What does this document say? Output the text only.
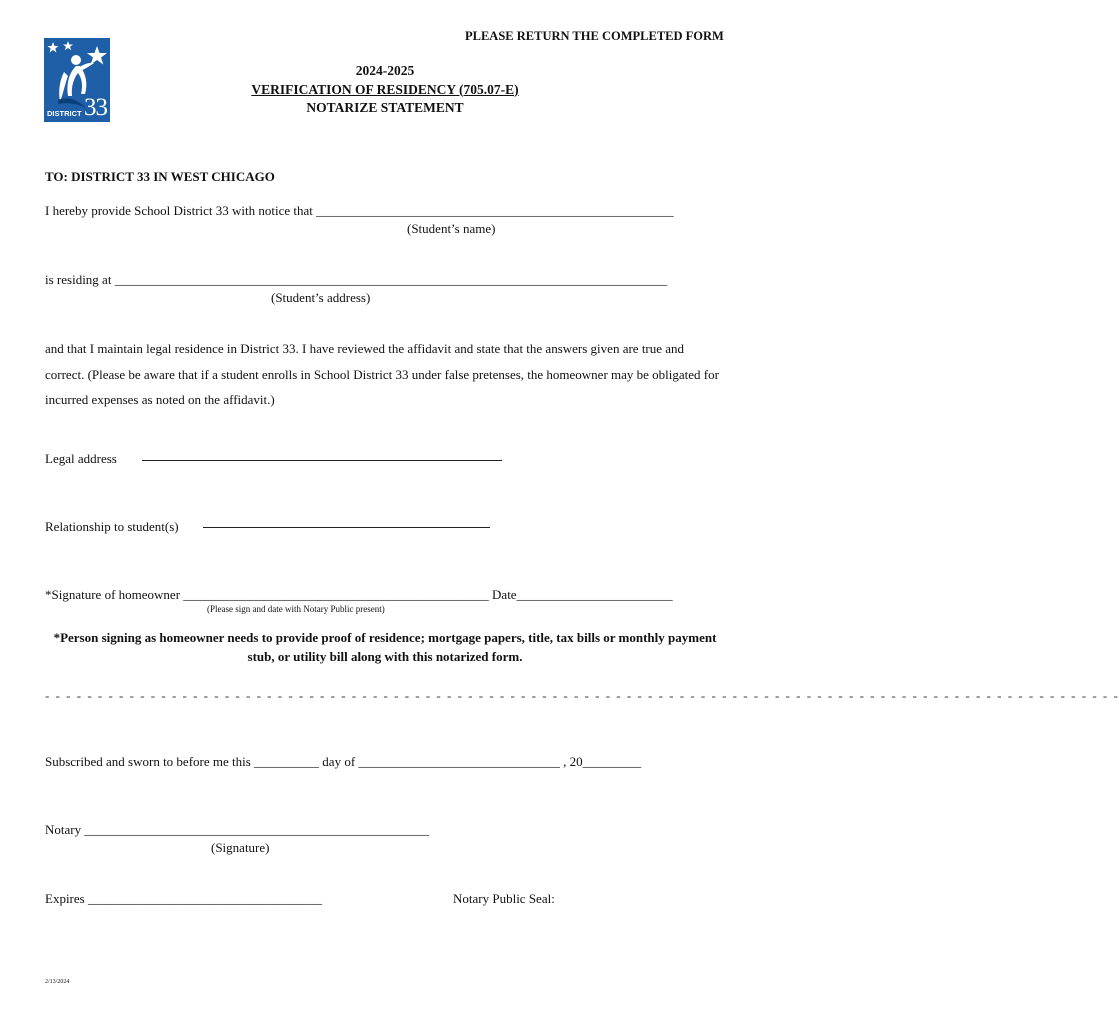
PLEASE RETURN THE COMPLETED FORM
DISTRICT 33
2024-2025
VERIFICATION OF RESIDENCY (705.07-E)
NOTARIZE STATEMENT
TO: DISTRICT 33 IN WEST CHICAGO
I hereby provide School District 33 with notice that _______________________________________________________
(Student’s name)
is residing at _____________________________________________________________________________________
(Student’s address)
and that I maintain legal residence in District 33. I have reviewed the affidavit and state that the answers given are true and correct. (Please be aware that if a student enrolls in School District 33 under false pretenses, the homeowner may be obligated for incurred expenses as noted on the affidavit.)
Legal address
Relationship to student(s)
*Signature of homeowner _______________________________________________ Date________________________
(Please sign and date with Notary Public present)
*Person signing as homeowner needs to provide proof of residence; mortgage papers, title, tax bills or monthly payment stub, or utility bill along with this notarized form.
- - - - - - - - - - - - - - - - - - - - - - - - - - - - - - - - - - - - - - - - - - - - - - - - - - - - - - - - - - - - - - - - - - - - - - - - - - - - - - - - - - - - - - - - - - - - - - - - - - - - - -
Subscribed and sworn to before me this __________ day of _______________________________ , 20_________
Notary _____________________________________________________
(Signature)
Expires ____________________________________	Notary Public Seal:
2/13/2024
